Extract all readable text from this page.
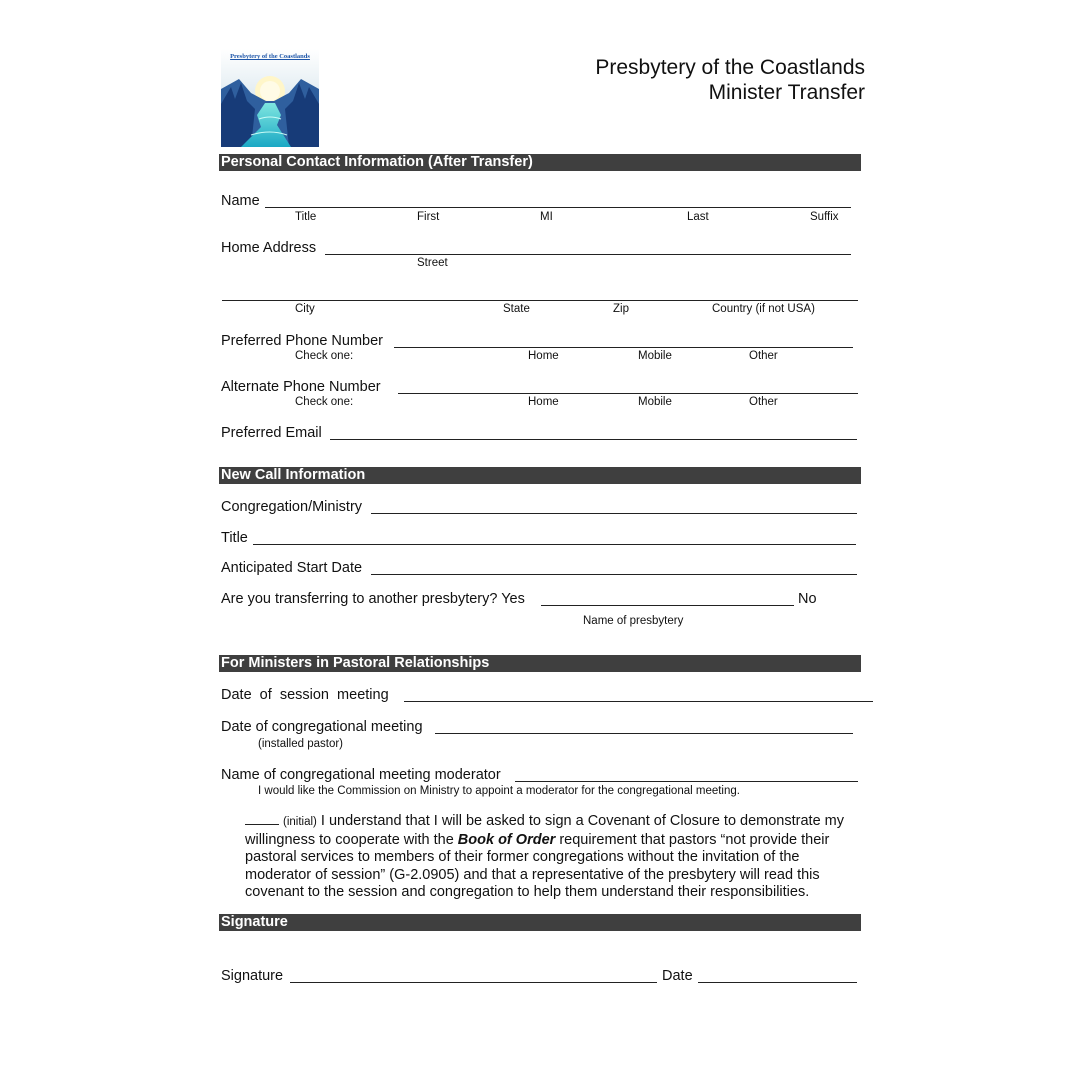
Presbytery of the Coastlands	Presbytery of the Coastlands
Minister Transfer
Personal Contact Information (After Transfer)
Name
Title	First	MI	Last	Suffix
Home Address
Street
City	State	Zip	Country (if not USA)
Preferred Phone Number
Check one:	Home	Mobile	Other
Alternate Phone Number
Check one:	Home	Mobile	Other
Preferred Email
New Call Information
Congregation/Ministry
Title
Anticipated Start Date
Are you transferring to another presbytery? Yes	No
Name of presbytery
For Ministers in Pastoral Relationships
Date  of  session  meeting
Date of congregational meeting
(installed pastor)
Name of congregational meeting moderator
I would like the Commission on Ministry to appoint a moderator for the congregational meeting.
(initial) I understand that I will be asked to sign a Covenant of Closure to demonstrate my willingness to cooperate with the Book of Order requirement that pastors “not provide their pastoral services to members of their former congregations without the invitation of the moderator of session” (G-2.0905) and that a representative of the presbytery will read this covenant to the session and congregation to help them understand their responsibilities.
Signature
Signature	Date
